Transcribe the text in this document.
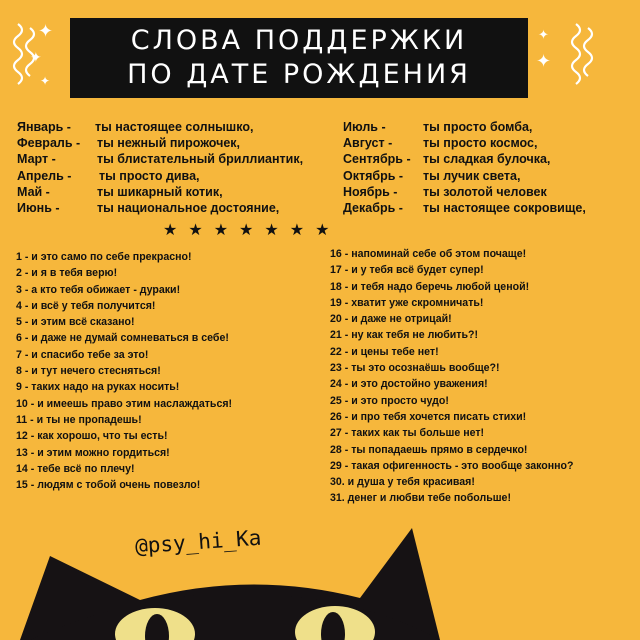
СЛОВА ПОДДЕРЖКИ
ПО ДАТЕ РОЖДЕНИЯ
✦
✦
✦
✦
✦
Январь - ты настоящее солнышко,
Февраль - ты нежный пирожочек,
Март -	ты блистательный бриллиантик,
Апрель - ты просто дива,
Май -	ты шикарный котик,
Июнь -	ты национальное достояние,
Июль -	ты просто бомба,
Август - ты просто космос,
Сентябрь - ты сладкая булочка,
Октябрь - ты лучик света,
Ноябрь - ты золотой человек
Декабрь - ты настоящее сокровище,
★★★★★★★
1 - и это само по себе прекрасно!
2 - и я в тебя верю!
3 - а кто тебя обижает - дураки!
4 - и всё у тебя получится!
5 - и этим всё сказано!
6 - и даже не думай сомневаться в себе!
7 - и спасибо тебе за это!
8 - и тут нечего стесняться!
9 - таких надо на руках носить!
10 - и имеешь право этим наслаждаться!
11 - и ты не пропадешь!
12 - как хорошо, что ты есть!
13 - и этим можно гордиться!
14 - тебе всё по плечу!
15 - людям с тобой очень повезло!
16 - напоминай себе об этом почаще!
17 - и у тебя всё будет супер!
18 - и тебя надо беречь любой ценой!
19 - хватит уже скромничать!
20 - и даже не отрицай!
21 - ну как тебя не любить?!
22 - и цены тебе нет!
23 - ты это осознаёшь вообще?!
24 - и это достойно уважения!
25 - и это просто чудо!
26 - и про тебя хочется писать стихи!
27 - таких как ты больше нет!
28 - ты попадаешь прямо в сердечко!
29 - такая офигенность - это вообще законно?
30. и душа у тебя красивая!
31. денег и любви тебе побольше!
@psy_hi_Ka
